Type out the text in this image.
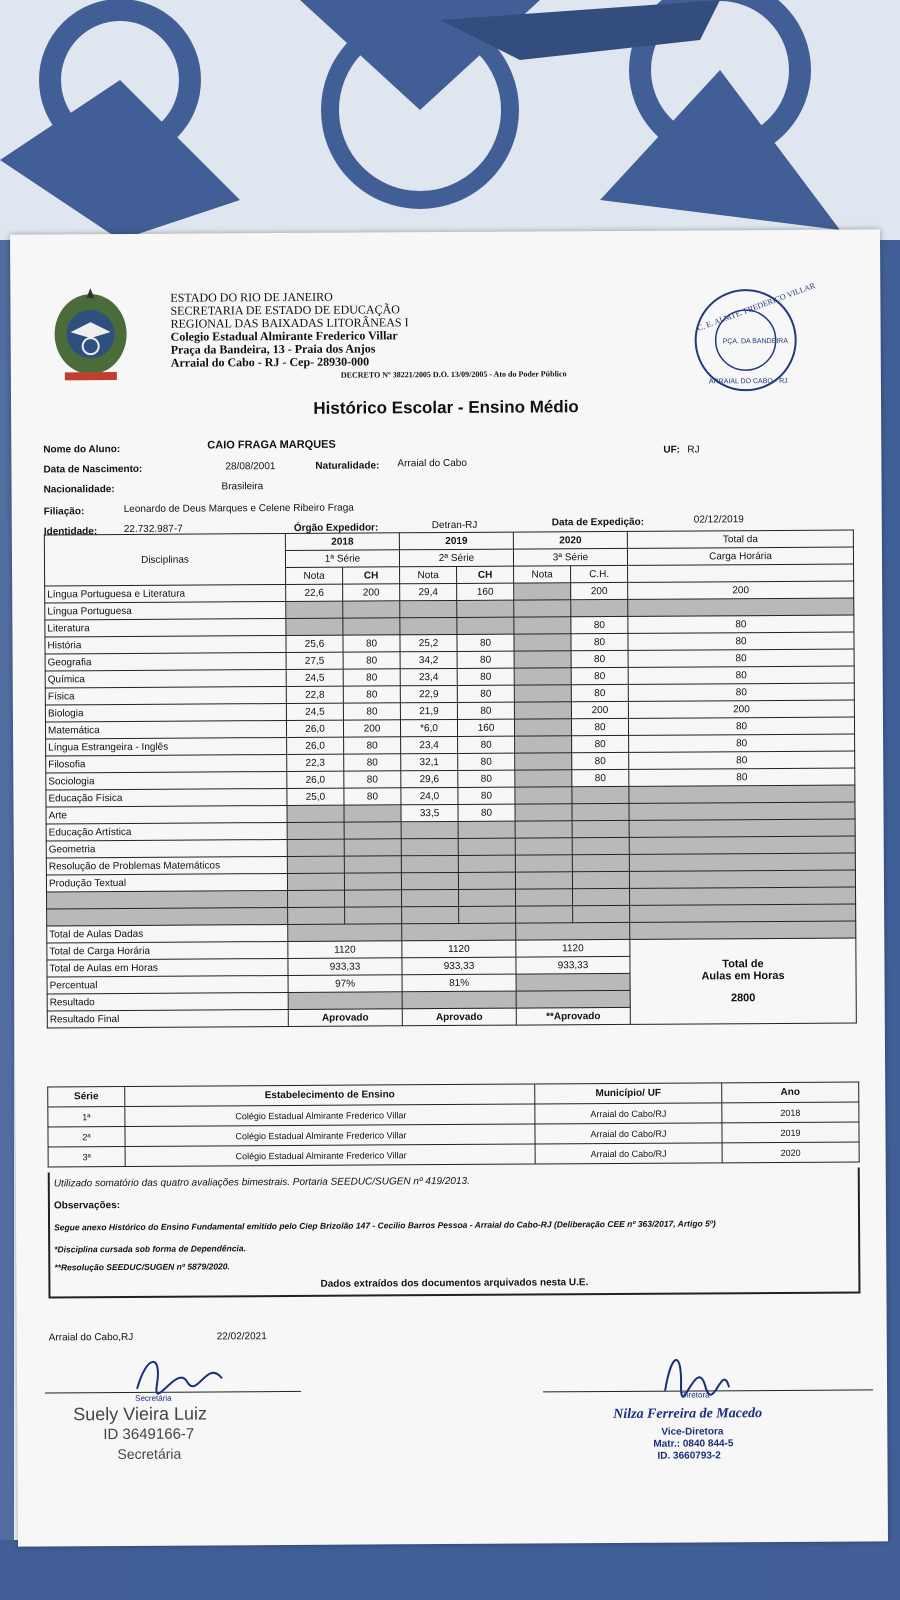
ESTADO DO RIO DE JANEIRO
SECRETARIA DE ESTADO DE EDUCAÇÃO
REGIONAL DAS BAIXADAS LITORÂNEAS I
Colegio Estadual Almirante Frederico Villar
Praça da Bandeira, 13 - Praia dos Anjos
Arraial do Cabo - RJ - Cep- 28930-000
DECRETO Nº 38221/2005 D.O. 13/09/2005 - Ato do Poder Público
C. E. ALMTE. FREDERICO VILLAR
PÇA. DA BANDEIRA
ARRAIAL DO CABO - RJ
Histórico Escolar - Ensino Médio
Nome do Aluno:	CAIO FRAGA MARQUES	UF: RJ
Data de Nascimento:	28/08/2001	Naturalidade: Arraial do Cabo
Nacionalidade:	Brasileira
Filiação:	Leonardo de Deus Marques e Celene Ribeiro Fraga
Identidade:	22.732.987-7	Órgão Expedidor:	Detran-RJ	Data de Expedição:	02/12/2019
Disciplinas	2018		2019		2020		Total da
	1ª Série		2ª Série		3ª Série		Carga Horária
	Nota	CH	Nota	CH	Nota	C.H.	
Língua Portuguesa e Literatura	22,6	200	29,4	160		200	200
Língua Portuguesa							
Literatura						80	80
História	25,6	80	25,2	80		80	80
Geografia	27,5	80	34,2	80		80	80
Química	24,5	80	23,4	80		80	80
Física	22,8	80	22,9	80		80	80
Biologia	24,5	80	21,9	80		200	200
Matemática	26,0	200	*6,0	160		80	80
Língua Estrangeira - Inglês	26,0	80	23,4	80		80	80
Filosofia	22,3	80	32,1	80		80	80
Sociologia	26,0	80	29,6	80		80	80
Educação Física	25,0	80	24,0	80			
Arte			33,5	80			
Educação Artística							
Geometria							
Resolução de Problemas Matemáticos							
Produção Textual							

Total de Aulas Dadas							
Total de Carga Horária	1120		1120		1120		Total de
Aulas em Horas
2800

Total de Aulas em Horas	933,33		933,33		933,33		
Percentual	97%		81%				
Resultado							
Resultado Final	Aprovado		Aprovado		**Aprovado		
Série	Estabelecimento de Ensino	Município/ UF	Ano
1ª	Colégio Estadual Almirante Frederico Villar	Arraial do Cabo/RJ	2018
2ª	Colégio Estadual Almirante Frederico Villar	Arraial do Cabo/RJ	2019
3ª	Colégio Estadual Almirante Frederico Villar	Arraial do Cabo/RJ	2020
Utilizado somatório das quatro avaliações bimestrais. Portaria SEEDUC/SUGEN nº 419/2013.
Observações:
Segue anexo Histórico do Ensino Fundamental emitido pelo Ciep Brizolão 147 - Cecilio Barros Pessoa - Arraial do Cabo-RJ (Deliberação CEE nº 363/2017, Artigo 5º)
*Disciplina cursada sob forma de Dependência.
**Resolução SEEDUC/SUGEN nº 5879/2020.
Dados extraídos dos documentos arquivados nesta U.E.
Arraial do Cabo,RJ	22/02/2021
Secretária
Suely Vieira Luiz
ID 3649166-7
Secretária
Diretora
Nilza Ferreira de Macedo
Vice-Diretora
Matr.: 0840 844-5
ID. 3660793-2
